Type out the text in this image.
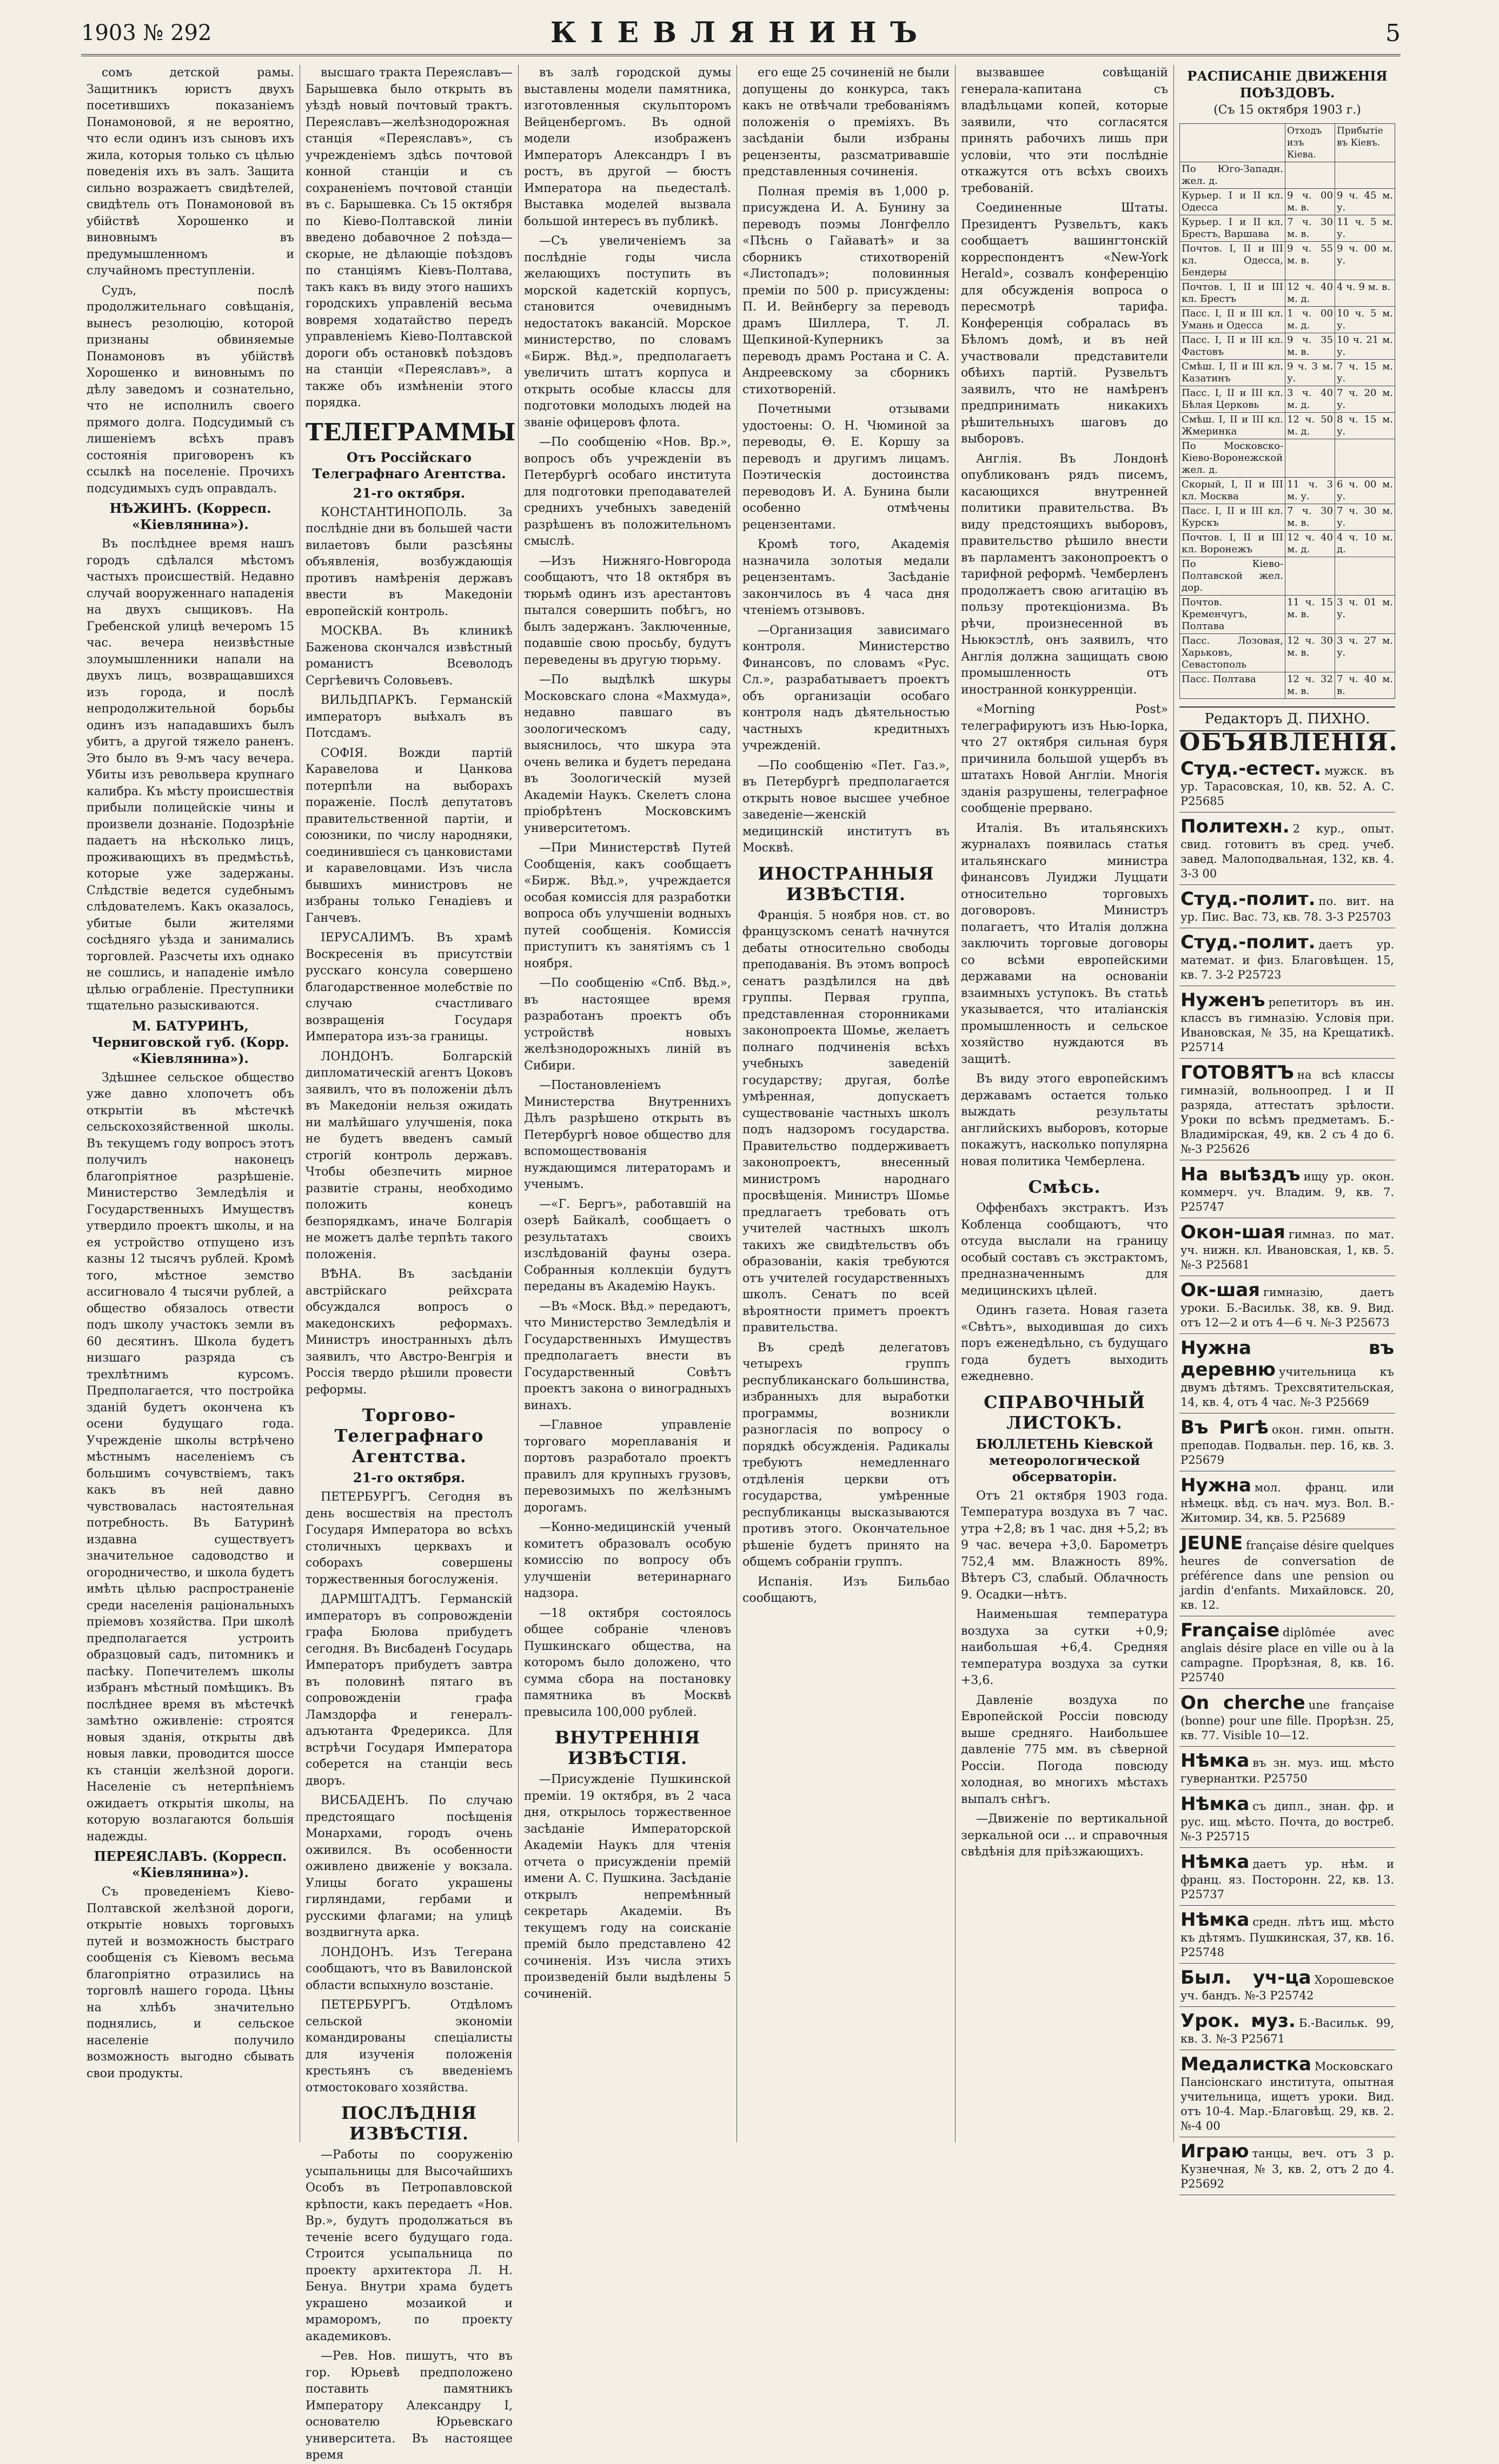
1903 № 292	КІЕВЛЯНИНЪ	5

сомъ детской рамы. Защитникъ юристъ двухъ посетившихъ показаніемъ Понамоновой, я не вероятно, что если одинъ изъ сыновъ ихъ жила, которыя только съ цѣлью поведенія ихъ въ залъ. Защита сильно возражаетъ свидѣтелей, свидѣтель отъ Понамоновой въ убійствѣ Хорошенко и виновнымъ въ предумышленномъ и случайномъ преступленіи.

Судъ, послѣ продолжительнаго совѣщанія, вынесъ резолюцію, которой признаны обвиняемые Понамоновъ въ убійствѣ Хорошенко и виновнымъ по дѣлу заведомъ и сознательно, что не исполнилъ своего прямого долга. Подсудимый съ лишеніемъ всѣхъ правъ состоянія приговоренъ къ ссылкѣ на поселеніе. Прочихъ подсудимыхъ судъ оправдалъ.

НѢЖИНЪ. (Корресп. «Кіевлянина»).

Въ послѣднее время нашъ городъ сдѣлался мѣстомъ частыхъ происшествій. Недавно случай вооруженнаго нападенія на двухъ сыщиковъ. На Гребенской улицѣ вечеромъ 15 час. вечера неизвѣстные злоумышленники напали на двухъ лицъ, возвращавшихся изъ города, и послѣ непродолжительной борьбы одинъ изъ нападавшихъ былъ убитъ, а другой тяжело раненъ. Это было въ 9-мъ часу вечера. Убиты изъ револьвера крупнаго калибра. Къ мѣсту происшествія прибыли полицейскіе чины и произвели дознаніе. Подозрѣніе падаетъ на нѣсколько лицъ, проживающихъ въ предмѣстьѣ, которые уже задержаны. Слѣдствіе ведется судебнымъ слѣдователемъ. Какъ оказалось, убитые были жителями сосѣдняго уѣзда и занимались торговлей. Разсчеты ихъ однако не сошлись, и нападеніе имѣло цѣлью ограбленіе. Преступники тщательно разыскиваются.

М. БАТУРИНЪ, Черниговской губ. (Корр. «Кіевлянина»).

Здѣшнее сельское общество уже давно хлопочетъ объ открытіи въ мѣстечкѣ сельскохозяйственной школы. Въ текущемъ году вопросъ этотъ получилъ наконецъ благопріятное разрѣшеніе. Министерство Земледѣлія и Государственныхъ Имуществъ утвердило проектъ школы, и на ея устройство отпущено изъ казны 12 тысячъ рублей. Кромѣ того, мѣстное земство ассигновало 4 тысячи рублей, а общество обязалось отвести подъ школу участокъ земли въ 60 десятинъ. Школа будетъ низшаго разряда съ трехлѣтнимъ курсомъ. Предполагается, что постройка зданій будетъ окончена къ осени будущаго года. Учрежденіе школы встрѣчено мѣстнымъ населеніемъ съ большимъ сочувствіемъ, такъ какъ въ ней давно чувствовалась настоятельная потребность. Въ Батуринѣ издавна существуетъ значительное садоводство и огородничество, и школа будетъ имѣть цѣлью распространеніе среди населенія раціональныхъ пріемовъ хозяйства. При школѣ предполагается устроить образцовый садъ, питомникъ и пасѣку. Попечителемъ школы избранъ мѣстный помѣщикъ. Въ послѣднее время въ мѣстечкѣ замѣтно оживленіе: строятся новыя зданія, открыты двѣ новыя лавки, проводится шоссе къ станціи желѣзной дороги. Населеніе съ нетерпѣніемъ ожидаетъ открытія школы, на которую возлагаются большія надежды.

ПЕРЕЯСЛАВЪ. (Корресп. «Кіевлянина»).

Съ проведеніемъ Кіево-Полтавской желѣзной дороги, открытіе новыхъ торговыхъ путей и возможность быстраго сообщенія съ Кіевомъ весьма благопріятно отразились на торговлѣ нашего города. Цѣны на хлѣбъ значительно поднялись, и сельское населеніе получило возможность выгодно сбывать свои продукты.

высшаго тракта Переяславъ—Барышевка было открыть въ уѣздѣ новый почтовый трактъ. Переяславъ—желѣзнодорожная станція «Переяславъ», съ учрежденіемъ здѣсь почтовой конной станціи и съ сохраненіемъ почтовой станціи въ с. Барышевка. Съ 15 октября по Кіево-Полтавской линіи введено добавочное 2 поѣзда—скорые, не дѣлающіе поѣздовъ по станціямъ Кіевъ-Полтава, такъ какъ въ виду этого нашихъ городскихъ управленій весьма вовремя ходатайство передъ управленіемъ Кіево-Полтавской дороги объ остановкѣ поѣздовъ на станціи «Переяславъ», а также объ измѣненіи этого порядка.

ТЕЛЕГРАММЫ
Отъ Россійскаго Телеграфнаго Агентства.
21-го октября.

КОНСТАНТИНОПОЛЬ. За послѣдніе дни въ большей части вилаетовъ были разсѣяны объявленія, возбуждающія противъ намѣренія державъ ввести въ Македоніи европейскій контроль.

МОСКВА. Въ клиникѣ Баженова скончался извѣстный романистъ Всеволодъ Сергѣевичъ Соловьевъ.

ВИЛЬДПАРКЪ. Германскій императоръ выѣхалъ въ Потсдамъ.

СОФІЯ. Вожди партій Каравелова и Цанкова потерпѣли на выборахъ пораженіе. Послѣ депутатовъ правительственной партіи, и союзники, по числу народняки, соединившіеся съ цанковистами и каравеловцами. Изъ числа бывшихъ министровъ не избраны только Генадіевъ и Ганчевъ.

ІЕРУСАЛИМЪ. Въ храмѣ Воскресенія въ присутствіи русскаго консула совершено благодарственное молебствіе по случаю счастливаго возвращенія Государя Императора изъ-за границы.

ЛОНДОНЪ. Болгарскій дипломатическій агентъ Цоковъ заявилъ, что въ положеніи дѣлъ въ Македоніи нельзя ожидать ни малѣйшаго улучшенія, пока не будетъ введенъ самый строгій контроль державъ. Чтобы обезпечить мирное развитіе страны, необходимо положить конецъ безпорядкамъ, иначе Болгарія не можетъ далѣе терпѣть такого положенія.

ВѢНА. Въ засѣданіи австрійскаго рейхсрата обсуждался вопросъ о македонскихъ реформахъ. Министръ иностранныхъ дѣлъ заявилъ, что Австро-Венгрія и Россія твердо рѣшили провести реформы.

Торгово-Телеграфнаго Агентства.
21-го октября.

ПЕТЕРБУРГЪ. Сегодня въ день восшествія на престолъ Государя Императора во всѣхъ столичныхъ церквахъ и соборахъ совершены торжественныя богослуженія.

ДАРМШТАДТЪ. Германскій императоръ въ сопровожденіи графа Бюлова прибудетъ сегодня. Въ Висбаденѣ Государь Императоръ прибудетъ завтра въ половинѣ пятаго въ сопровожденіи графа Ламздорфа и генералъ-адъютанта Фредерикса. Для встрѣчи Государя Императора соберется на станціи весь дворъ.

ВИСБАДЕНЪ. По случаю предстоящаго посѣщенія Монархами, городъ очень оживился. Въ особенности оживлено движеніе у вокзала. Улицы богато украшены гирляндами, гербами и русскими флагами; на улицѣ воздвигнута арка.

ЛОНДОНЪ. Изъ Тегерана сообщаютъ, что въ Вавилонской области вспыхнуло возстаніе.

ПЕТЕРБУРГЪ. Отдѣломъ сельской экономіи командированы спеціалисты для изученія положенія крестьянъ съ введеніемъ отмостоковаго хозяйства.

ПОСЛѢДНІЯ ИЗВѢСТІЯ.

—Работы по сооруженію усыпальницы для Высочайшихъ Особъ въ Петропавловской крѣпости, какъ передаетъ «Нов. Вр.», будутъ продолжаться въ теченіе всего будущаго года. Строится усыпальница по проекту архитектора Л. Н. Бенуа. Внутри храма будетъ украшено мозаикой и мраморомъ, по проекту академиковъ.

—Рев. Нов. пишутъ, что въ гор. Юрьевѣ предположено поставить памятникъ Императору Александру I, основателю Юрьевскаго университета. Въ настоящее время

въ залѣ городской думы выставлены модели памятника, изготовленныя скульпторомъ Вейценбергомъ. Въ одной модели изображенъ Императоръ Александръ I въ ростъ, въ другой — бюстъ Императора на пьедесталѣ. Выставка моделей вызвала большой интересъ въ публикѣ.

—Съ увеличеніемъ за послѣдніе годы числа желающихъ поступить въ морской кадетскій корпусъ, становится очевиднымъ недостатокъ вакансій. Морское министерство, по словамъ «Бирж. Вѣд.», предполагаетъ увеличить штатъ корпуса и открыть особые классы для подготовки молодыхъ людей на званіе офицеровъ флота.

—По сообщенію «Нов. Вр.», вопросъ объ учрежденіи въ Петербургѣ особаго института для подготовки преподавателей среднихъ учебныхъ заведеній разрѣшенъ въ положительномъ смыслѣ.

—Изъ Нижняго-Новгорода сообщаютъ, что 18 октября въ тюрьмѣ одинъ изъ арестантовъ пытался совершить побѣгъ, но былъ задержанъ. Заключенные, подавшіе свою просьбу, будутъ переведены въ другую тюрьму.

—По выдѣлкѣ шкуры Московскаго слона «Махмуда», недавно павшаго въ зоологическомъ саду, выяснилось, что шкура эта очень велика и будетъ передана въ Зоологическій музей Академіи Наукъ. Скелетъ слона пріобрѣтенъ Московскимъ университетомъ.

—При Министерствѣ Путей Сообщенія, какъ сообщаетъ «Бирж. Вѣд.», учреждается особая комиссія для разработки вопроса объ улучшеніи водныхъ путей сообщенія. Комиссія приступитъ къ занятіямъ съ 1 ноября.

—По сообщенію «Спб. Вѣд.», въ настоящее время разработанъ проектъ объ устройствѣ новыхъ желѣзнодорожныхъ линій въ Сибири.

—Постановленіемъ Министерства Внутреннихъ Дѣлъ разрѣшено открыть въ Петербургѣ новое общество для вспомоществованія нуждающимся литераторамъ и ученымъ.

—«Г. Бергъ», работавшій на озерѣ Байкалѣ, сообщаетъ о результатахъ своихъ изслѣдованій фауны озера. Собранныя коллекціи будутъ переданы въ Академію Наукъ.

—Въ «Моск. Вѣд.» передаютъ, что Министерство Земледѣлія и Государственныхъ Имуществъ предполагаетъ внести въ Государственный Совѣтъ проектъ закона о виноградныхъ винахъ.

—Главное управленіе торговаго мореплаванія и портовъ разработало проектъ правилъ для крупныхъ грузовъ, перевозимыхъ по желѣзнымъ дорогамъ.

—Конно-медицинскій ученый комитетъ образовалъ особую комиссію по вопросу объ улучшеніи ветеринарнаго надзора.

—18 октября состоялось общее собраніе членовъ Пушкинскаго общества, на которомъ было доложено, что сумма сбора на постановку памятника въ Москвѣ превысила 100,000 рублей.

ВНУТРЕННІЯ ИЗВѢСТІЯ.

—Присужденіе Пушкинской преміи. 19 октября, въ 2 часа дня, открылось торжественное засѣданіе Императорской Академіи Наукъ для чтенія отчета о присужденіи премій имени А. С. Пушкина. Засѣданіе открылъ непремѣнный секретарь Академіи. Въ текущемъ году на соисканіе премій было представлено 42 сочиненія. Изъ числа этихъ произведеній были выдѣлены 5 сочиненій.

его еще 25 сочиненій не были допущены до конкурса, такъ какъ не отвѣчали требованіямъ положенія о преміяхъ. Въ засѣданіи были избраны рецензенты, разсматривавшіе представленныя сочиненія.

Полная премія въ 1,000 р. присуждена И. А. Бунину за переводъ поэмы Лонгфелло «Пѣснь о Гайаватѣ» и за сборникъ стихотвореній «Листопадъ»; половинныя преміи по 500 р. присуждены: П. И. Вейнбергу за переводъ драмъ Шиллера, Т. Л. Щепкиной-Куперникъ за переводъ драмъ Ростана и С. А. Андреевскому за сборникъ стихотвореній.

Почетными отзывами удостоены: О. Н. Чюминой за переводы, Ѳ. Е. Коршу за переводъ и другимъ лицамъ. Поэтическія достоинства переводовъ И. А. Бунина были особенно отмѣчены рецензентами.

Кромѣ того, Академія назначила золотыя медали рецензентамъ. Засѣданіе закончилось въ 4 часа дня чтеніемъ отзывовъ.

—Организация зависимаго контроля. Министерство Финансовъ, по словамъ «Рус. Сл.», разрабатываетъ проектъ объ организаціи особаго контроля надъ дѣятельностью частныхъ кредитныхъ учрежденій.

—По сообщенію «Пет. Газ.», въ Петербургѣ предполагается открыть новое высшее учебное заведеніе—женскій медицинскій институтъ въ Москвѣ.

ИНОСТРАННЫЯ ИЗВѢСТІЯ.

Франція. 5 ноября нов. ст. во французскомъ сенатѣ начнутся дебаты относительно свободы преподаванія. Въ этомъ вопросѣ сенатъ раздѣлился на двѣ группы. Первая группа, представленная сторонниками законопроекта Шомье, желаетъ полнаго подчиненія всѣхъ учебныхъ заведеній государству; другая, болѣе умѣренная, допускаетъ существованіе частныхъ школъ подъ надзоромъ государства. Правительство поддерживаетъ законопроектъ, внесенный министромъ народнаго просвѣщенія. Министръ Шомье предлагаетъ требовать отъ учителей частныхъ школъ такихъ же свидѣтельствъ объ образованіи, какія требуются отъ учителей государственныхъ школъ. Сенатъ по всей вѣроятности приметъ проектъ правительства.

Въ средѣ делегатовъ четырехъ группъ республиканскаго большинства, избранныхъ для выработки программы, возникли разногласія по вопросу о порядкѣ обсужденія. Радикалы требуютъ немедленнаго отдѣленія церкви отъ государства, умѣренные республиканцы высказываются противъ этого. Окончательное рѣшеніе будетъ принято на общемъ собраніи группъ.

Испанія. Изъ Бильбао сообщаютъ,

вызвавшее совѣщаній генерала-капитана съ владѣльцами копей, которые заявили, что согласятся принять рабочихъ лишь при условіи, что эти послѣдніе откажутся отъ всѣхъ своихъ требованій.

Соединенные Штаты. Президентъ Рузвельтъ, какъ сообщаетъ вашингтонскій корреспондентъ «New-York Herald», созвалъ конференцію для обсужденія вопроса о пересмотрѣ тарифа. Конференція собралась въ Бѣломъ домѣ, и въ ней участвовали представители обѣихъ партій. Рузвельтъ заявилъ, что не намѣренъ предпринимать никакихъ рѣшительныхъ шаговъ до выборовъ.

Англія. Въ Лондонѣ опубликованъ рядъ писемъ, касающихся внутренней политики правительства. Въ виду предстоящихъ выборовъ, правительство рѣшило внести въ парламентъ законопроектъ о тарифной реформѣ. Чемберленъ продолжаетъ свою агитацію въ пользу протекціонизма. Въ рѣчи, произнесенной въ Ньюкэстлѣ, онъ заявилъ, что Англія должна защищать свою промышленность отъ иностранной конкурренціи.

«Morning Post» телеграфируютъ изъ Нью-Іорка, что 27 октября сильная буря причинила большой ущербъ въ штатахъ Новой Англіи. Многія зданія разрушены, телеграфное сообщеніе прервано.

Италія. Въ итальянскихъ журналахъ появилась статья итальянскаго министра финансовъ Луиджи Луццати относительно торговыхъ договоровъ. Министръ полагаетъ, что Италія должна заключить торговые договоры со всѣми европейскими державами на основаніи взаимныхъ уступокъ. Въ статьѣ указывается, что италіанскія промышленность и сельское хозяйство нуждаются въ защитѣ.

Въ виду этого европейскимъ державамъ остается только выждать результаты английскихъ выборовъ, которые покажутъ, насколько популярна новая политика Чемберлена.

Смѣсь.

Оффенбахъ экстрактъ. Изъ Кобленца сообщаютъ, что отсуда выслали на границу особый составъ съ экстрактомъ, предназначеннымъ для медицинскихъ цѣлей.

Одинъ газета. Новая газета «Свѣтъ», выходившая до сихъ поръ еженедѣльно, съ будущаго года будетъ выходить ежедневно.

СПРАВОЧНЫЙ ЛИСТОКЪ.
БЮЛЛЕТЕНЬ Кіевской метеорологической обсерваторіи.

Отъ 21 октября 1903 года. Температура воздуха въ 7 час. утра +2,8; въ 1 час. дня +5,2; въ 9 час. вечера +3,0. Барометръ 752,4 мм. Влажность 89%. Вѣтеръ СЗ, слабый. Облачность 9. Осадки—нѣтъ.

Наименьшая температура воздуха за сутки +0,9; наибольшая +6,4. Средняя температура воздуха за сутки +3,6.

Давленіе воздуха по Европейской Россіи повсюду выше средняго. Наибольшее давленіе 775 мм. въ сѣверной Россіи. Погода повсюду холодная, во многихъ мѣстахъ выпалъ снѣгъ.

—Движеніе по вертикальной зеркальной оси ... и справочныя свѣдѣнія для пріѣзжающихъ.

РАСПИСАНІЕ ДВИЖЕНІЯ ПОѢЗДОВЪ.
(Съ 15 октября 1903 г.)
	Отходъ изъ Кіева.	Прибытіе въ Кіевъ.
По Юго-Западн. жел. д.		
Курьер. I и II кл. Одесса	9 ч. 00 м. в.	9 ч. 45 м. у.
Курьер. I и II кл. Брестъ, Варшава	7 ч. 30 м. в.	11 ч. 5 м. у.
Почтов. I, II и III кл. Одесса, Бендеры	9 ч. 55 м. в.	9 ч. 00 м. у.
Почтов. I, II и III кл. Брестъ	12 ч. 40 м. д.	4 ч. 9 м. в.
Пасс. I, II и III кл. Умань и Одесса	1 ч. 00 м. д.	10 ч. 5 м. у.
Пасс. I, II и III кл. Фастовъ	9 ч. 35 м. в.	10 ч. 21 м. у.
Смѣш. I, II и III кл. Казатинъ	9 ч. 3 м. у.	7 ч. 15 м. у.
Пасс. I, II и III кл. Бѣлая Церковь	3 ч. 40 м. д.	7 ч. 20 м. у.
Смѣш. I, II и III кл. Жмеринка	12 ч. 50 м. д.	8 ч. 15 м. у.
По Московско-Кіево-Воронежской жел. д.		
Скорый, I, II и III кл. Москва	11 ч. 3 м. у.	6 ч. 00 м. у.
Пасс. I, II и III кл. Курскъ	7 ч. 30 м. в.	7 ч. 30 м. у.
Почтов. I, II и III кл. Воронежъ	12 ч. 40 м. д.	4 ч. 10 м. д.
По Кіево-Полтавской жел. дор.		
Почтов. Кременчугъ, Полтава	11 ч. 15 м. в.	3 ч. 01 м. у.
Пасс. Лозовая, Харьковъ, Севастополь	12 ч. 30 м. в.	3 ч. 27 м. у.
Пасс. Полтава	12 ч. 32 м. в.	7 ч. 40 м. в.
Редакторъ Д. ПИХНО.
ОБЪЯВЛЕНІЯ.
Студ.-естест. мужск. въ ур. Тарасовская, 10, кв. 52. А. С. Р25685
Политехн. 2 кур., опыт. свид. готовитъ въ сред. учеб. завед. Малоподвальная, 132, кв. 4. 3-3 00
Студ.-полит. по. вит. на ур. Пис. Вас. 73, кв. 78. 3-3 Р25703
Студ.-полит. даетъ ур. математ. и физ. Благовѣщен. 15, кв. 7. 3-2 Р25723
Нуженъ репетиторъ въ ин. классъ въ гимназію. Условія при. Ивановская, № 35, на Крещатикѣ. Р25714
ГОТОВЯТЪ на всѣ классы гимназій, вольноопред. I и II разряда, аттестатъ зрѣлости. Уроки по всѣмъ предметамъ. Б.-Владимірская, 49, кв. 2 съ 4 до 6. №-3 Р25626
На выѣздъ ищу ур. окон. коммерч. уч. Владим. 9, кв. 7. Р25747
Окон-шая гимназ. по мат. уч. нижн. кл. Ивановская, 1, кв. 5. №-3 Р25681
Ок-шая гимназію, даетъ уроки. Б.-Васильк. 38, кв. 9. Вид. отъ 12—2 и отъ 4—6 ч. №-3 Р25673
Нужна въ деревню учительница къ двумъ дѣтямъ. Трехсвятительская, 14, кв. 4, отъ 4 час. №-3 Р25669
Въ Ригѣ окон. гимн. опытн. преподав. Подвальн. пер. 16, кв. 3. Р25679
Нужна мол. франц. или нѣмецк. вѣд. съ нач. муз. Вол. В.-Житомир. 34, кв. 5. Р25689
JEUNE française désire quelques heures de conversation de préférence dans une pension ou jardin d'enfants. Михайловск. 20, кв. 12.
Française diplômée avec anglais désire place en ville ou à la campagne. Прорѣзная, 8, кв. 16. Р25740
On cherche une française (bonne) pour une fille. Прорѣзн. 25, кв. 77. Visible 10—12.
Нѣмка въ зн. муз. ищ. мѣсто гувернантки. Р25750
Нѣмка съ дипл., знан. фр. и рус. ищ. мѣсто. Почта, до востреб. №-3 Р25715
Нѣмка даетъ ур. нѣм. и франц. яз. Посторонн. 22, кв. 13. Р25737
Нѣмка средн. лѣтъ ищ. мѣсто къ дѣтямъ. Пушкинская, 37, кв. 16. Р25748
Был. уч-ца Хорошевское уч. бандъ. №-3 Р25742
Урок. муз. Б.-Васильк. 99, кв. 3. №-3 Р25671
Медалистка Московскаго Пансіонскаго института, опытная учительница, ищетъ уроки. Вид. отъ 10-4. Мар.-Благовѣщ. 29, кв. 2. №-4 00
Играю танцы, веч. отъ 3 р. Кузнечная, № 3, кв. 2, отъ 2 до 4. Р25692
